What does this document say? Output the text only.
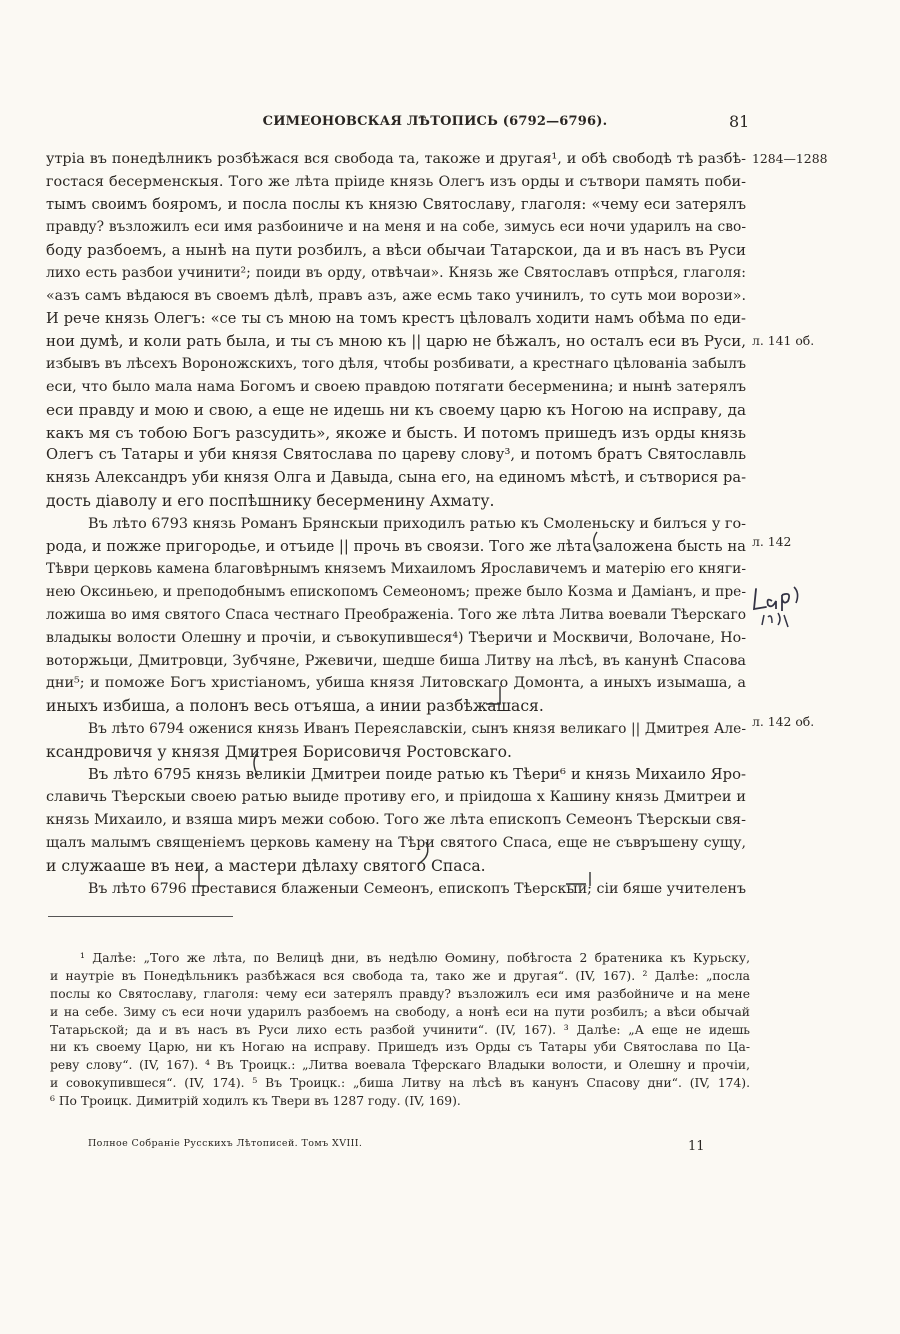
СИМЕОНОВСКАЯ ЛѢТОПИСЬ (6792—6796).	81
утріа въ понедѣлникъ розбѣжася вся свобода та, такоже и другая¹, и обѣ свободѣ тѣ разбѣ-
гостася бесерменскыя. Того же лѣта пріиде князь Олегъ изъ орды и сътвори память поби-
тымъ своимъ бояромъ, и посла послы къ князю Святославу, глаголя: «чему еси затерялъ
правду? възложилъ еси имя разбоиниче и на меня и на собе, зимусь еси ночи ударилъ на сво-
боду разбоемъ, а нынѣ на пути розбилъ, а вѣси обычаи Татарскои, да и въ насъ въ Руси
лихо есть разбои учинити²; поиди въ орду, отвѣчаи». Князь же Святославъ отпрѣся, глаголя:
«азъ самъ вѣдаюся въ своемъ дѣлѣ, правъ азъ, аже есмь тако учинилъ, то суть мои ворози».
И рече князь Олегъ: «се ты съ мною на томъ крестъ цѣловалъ ходити намъ обѣма по еди-
нои думѣ, и коли рать была, и ты съ мною къ || царю не бѣжалъ, но осталъ еси въ Руси,
избывъ въ лѣсехъ Вороножскихъ, того дѣля, чтобы розбивати, а крестнаго цѣлованіа забылъ
еси, что было мала нама Богомъ и своею правдою потягати бесерменина; и нынѣ затерялъ
еси правду и мою и свою, а еще не идешь ни къ своему царю къ Ногою на исправу, да
какъ мя съ тобою Богъ разсудить», якоже и бысть. И потомъ пришедъ изъ орды князь
Олегъ съ Татары и уби князя Святослава по цареву слову³, и потомъ братъ Святославль
князь Александръ уби князя Олга и Давыда, сына его, на единомъ мѣстѣ, и сътворися ра-
дость діаволу и его поспѣшнику бесерменину Ахмату.
Въ лѣто 6793 князь Романъ Брянскыи приходилъ ратью къ Смоленьску и билъся у го-
рода, и пожже пригородье, и отъиде || прочь въ своязи. Того же лѣта заложена бысть на
Тѣври церковь камена благовѣрнымъ княземъ Михаиломъ Ярославичемъ и матерію его княги-
нею Оксиньею, и преподобнымъ епископомъ Семеономъ; преже было Козма и Даміанъ, и пре-
ложиша во имя святого Спаса честнаго Преображеніа. Того же лѣта Литва воевали Тѣерскаго
владыкы волости Олешну и прочіи, и съвокупившеся⁴) Тѣеричи и Москвичи, Волочане, Но-
воторжьци, Дмитровци, Зубчяне, Ржевичи, шедше биша Литву на лѣсѣ, въ канунѣ Спасова
дни⁵; и поможе Богъ христіаномъ, убиша князя Литовскаго Домонта, а иныхъ изымаша, а
иныхъ избиша, а полонъ весь отъяша, а инии разбѣжашася.
Въ лѣто 6794 оженися князь Иванъ Переяславскіи, сынъ князя великаго || Дмитрея Але-
ксандровичя у князя Дмитрея Борисовичя Ростовскаго.
Въ лѣто 6795 князь великіи Дмитреи поиде ратью къ Тѣери⁶ и князь Михаило Яро-
славичь Тѣерскыи своею ратью выиде противу его, и пріидоша х Кашину князь Дмитреи и
князь Михаило, и взяша миръ межи собою. Того же лѣта епископъ Семеонъ Тѣерскыи свя-
щалъ малымъ священіемъ церковь камену на Тѣри святого Спаса, еще не съвръшену сущу,
и служааше въ неи, а мастери дѣлаху святого Спаса.
Въ лѣто 6796 преставися блаженыи Семеонъ, епископъ Тѣерскыи; сіи бяше учителенъ
1284—1288
л. 141 об.
л. 142
л. 142 об.
¹ Далѣе: „Того же лѣта, по Велицѣ дни, въ недѣлю Ѳомину, побѣгоста 2 братеника къ Курьску,
и наутріе въ Понедѣльникъ разбѣжася вся свобода та, тако же и другая“. (IV, 167). ² Далѣе: „посла
послы ко Святославу, глаголя: чему еси затерялъ правду? възложилъ еси имя разбойниче и на мене
и на себе. Зиму съ еси ночи ударилъ разбоемъ на свободу, а нонѣ еси на пути розбилъ; а вѣси обычай
Татарьской; да и въ насъ въ Руси лихо есть разбой учинити“. (IV, 167). ³ Далѣе: „А еще не идешь
ни къ своему Царю, ни къ Ногаю на исправу. Пришедъ изъ Орды съ Татары уби Святослава по Ца-
реву слову“. (IV, 167). ⁴ Въ Троицк.: „Литва воевала Тферскаго Владыки волости, и Олешну и прочіи,
и совокупившеся“. (IV, 174). ⁵ Въ Троицк.: „биша Литву на лѣсѣ въ канунъ Спасову дни“. (IV, 174).
⁶ По Троицк. Димитрій ходилъ къ Твери въ 1287 году. (IV, 169).
Полное Собраніе Русскихъ Лѣтописей. Томъ XVIII.	11
